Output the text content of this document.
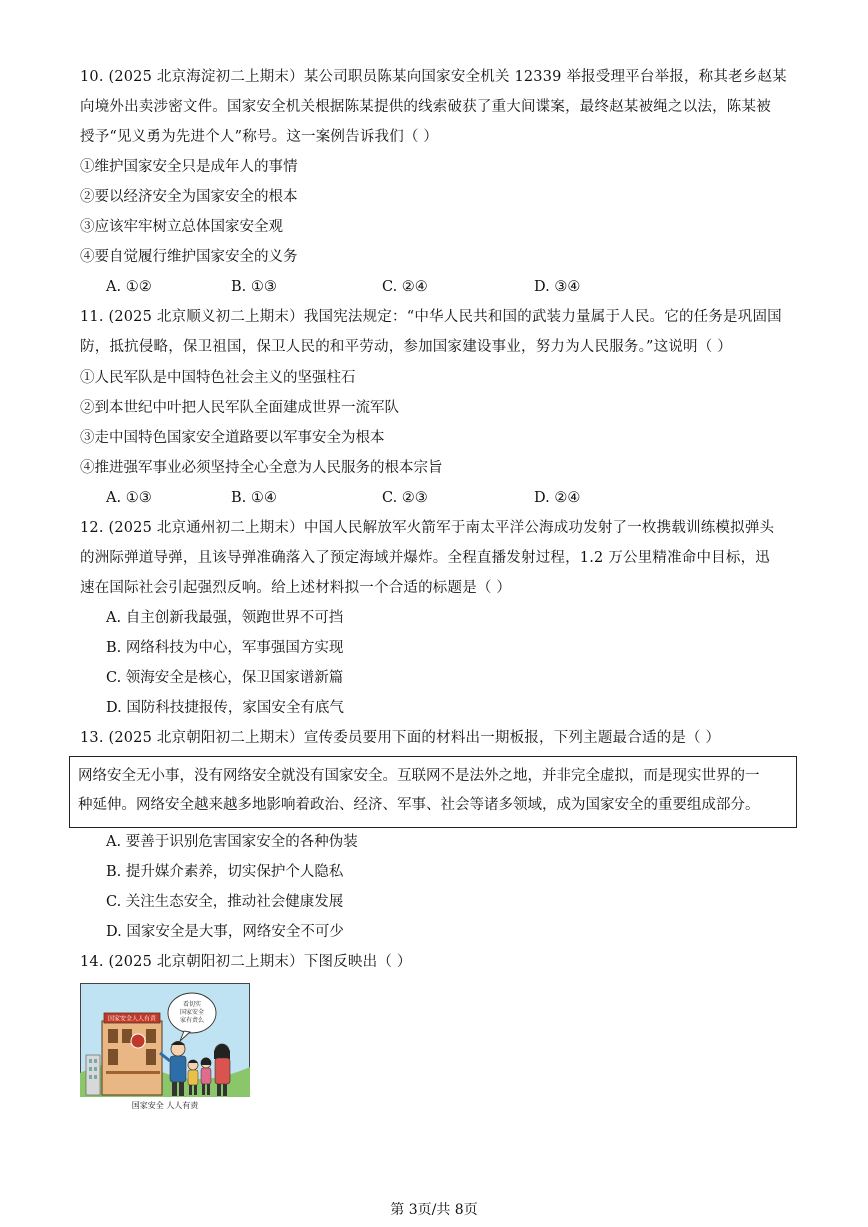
10. (2025 北京海淀初二上期末）某公司职员陈某向国家安全机关 12339 举报受理平台举报，称其老乡赵某
向境外出卖涉密文件。国家安全机关根据陈某提供的线索破获了重大间谍案，最终赵某被绳之以法，陈某被
授予“见义勇为先进个人”称号。这一案例告诉我们（ ）
①维护国家安全只是成年人的事情
②要以经济安全为国家安全的根本
③应该牢牢树立总体国家安全观
④要自觉履行维护国家安全的义务
A. ①②	B. ①③	C. ②④	D. ③④
11. (2025 北京顺义初二上期末）我国宪法规定：“中华人民共和国的武装力量属于人民。它的任务是巩固国
防，抵抗侵略，保卫祖国，保卫人民的和平劳动，参加国家建设事业，努力为人民服务。”这说明（ ）
①人民军队是中国特色社会主义的坚强柱石
②到本世纪中叶把人民军队全面建成世界一流军队
③走中国特色国家安全道路要以军事安全为根本
④推进强军事业必须坚持全心全意为人民服务的根本宗旨
A. ①③	B. ①④	C. ②③	D. ②④
12. (2025 北京通州初二上期末）中国人民解放军火箭军于南太平洋公海成功发射了一枚携载训练模拟弹头
的洲际弹道导弹，且该导弹准确落入了预定海域并爆炸。全程直播发射过程，1.2 万公里精准命中目标，迅
速在国际社会引起强烈反响。给上述材料拟一个合适的标题是（ ）
A. 自主创新我最强，领跑世界不可挡
B. 网络科技为中心，军事强国方实现
C. 领海安全是核心，保卫国家谱新篇
D. 国防科技捷报传，家国安全有底气
13. (2025 北京朝阳初二上期末）宣传委员要用下面的材料出一期板报，下列主题最合适的是（ ）
网络安全无小事，没有网络安全就没有国家安全。互联网不是法外之地，并非完全虚拟，而是现实世界的一
种延伸。网络安全越来越多地影响着政治、经济、军事、社会等诸多领域，成为国家安全的重要组成部分。
A. 要善于识别危害国家安全的各种伪装
B. 提升媒介素养，切实保护个人隐私
C. 关注生态安全，推动社会健康发展
D. 国家安全是大事，网络安全不可少
14. (2025 北京朝阳初二上期末）下图反映出（ ）
国家安全人人有责
看切实
国家安全
家有责么
国家安全 人人有责
第 3页/共 8页
